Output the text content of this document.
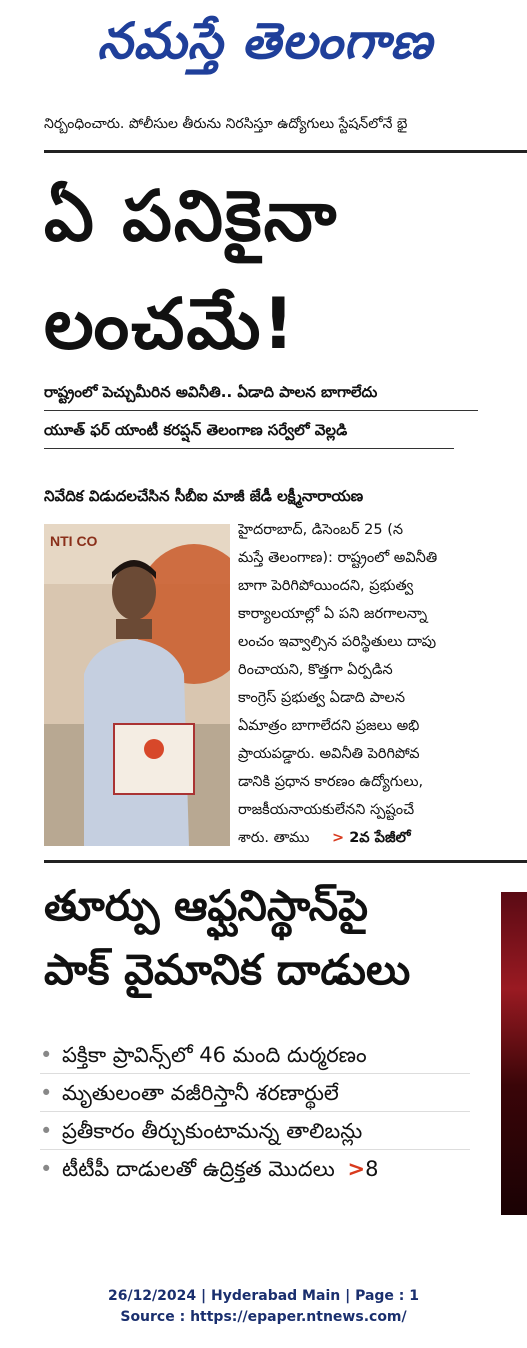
నమస్తే తెలంగాణ
నిర్బంధించారు. పోలీసుల తీరును నిరసిస్తూ ఉద్యోగులు స్టేషన్‌లోనే భై
ఏ పనికైనా
లంచమే!
రాష్ట్రంలో పెచ్చుమీరిన అవినీతి.. ఏడాది పాలన బాగాలేదు
యూత్ ఫర్ యాంటీ కరప్షన్ తెలంగాణ సర్వేలో వెల్లడి
నివేదిక విడుదలచేసిన సీబీఐ మాజీ జేడీ లక్ష్మీనారాయణ
NTI CO
హైదరాబాద్, డిసెంబర్ 25 (న
మస్తే తెలంగాణ): రాష్ట్రంలో అవినీతి
బాగా పెరిగిపోయిందని, ప్రభుత్వ
కార్యాలయాల్లో ఏ పని జరగాలన్నా
లంచం ఇవ్వాల్సిన పరిస్థితులు దాపు
రించాయని, కొత్తగా ఏర్పడిన
కాంగ్రెస్ ప్రభుత్వ ఏడాది పాలన
ఏమాత్రం బాగాలేదని ప్రజలు అభి
ప్రాయపడ్డారు. అవినీతి పెరిగిపోవ
డానికి ప్రధాన కారణం ఉద్యోగులు,
రాజకీయనాయకులేనని స్పష్టంచే
శారు. తాము > 2వ పేజీలో
తూర్పు ఆఫ్ఘనిస్థాన్‌పై
పాక్ వైమానిక దాడులు
• పక్తికా ప్రావిన్స్‌లో 46 మంది దుర్మరణం
• మృతులంతా వజీరిస్తానీ శరణార్థులే
• ప్రతీకారం తీర్చుకుంటామన్న తాలిబన్లు
• టీటీపీ దాడులతో ఉద్రిక్తత మొదలు >8
26/12/2024 | Hyderabad Main | Page : 1
Source : https://epaper.ntnews.com/
